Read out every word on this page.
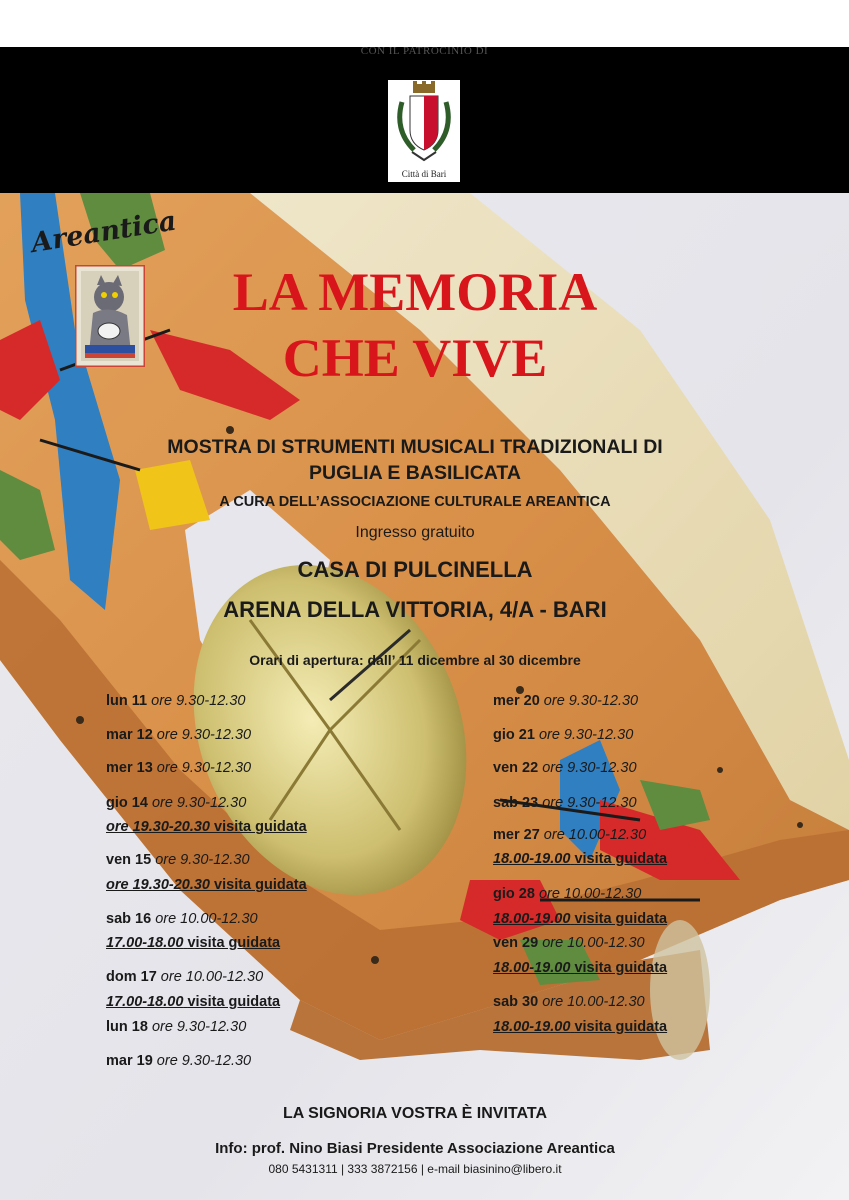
CON IL PATROCINIO DI
Città di Bari
Areantica
LA MEMORIA
CHE VIVE
MOSTRA DI STRUMENTI MUSICALI TRADIZIONALI DI
PUGLIA E BASILICATA
A CURA DELL’ASSOCIAZIONE CULTURALE AREANTICA
Ingresso gratuito
CASA DI PULCINELLA
ARENA DELLA VITTORIA, 4/A - BARI
Orari di apertura: dall’ 11 dicembre al 30 dicembre
lun 11 ore 9.30-12.30
mar 12 ore 9.30-12.30
mer 13 ore 9.30-12.30
gio 14 ore 9.30-12.30
ore 19.30-20.30 visita guidata
ven 15 ore 9.30-12.30
ore 19.30-20.30 visita guidata
sab 16 ore 10.00-12.30
17.00-18.00 visita guidata
dom 17 ore 10.00-12.30
17.00-18.00 visita guidata
lun 18 ore 9.30-12.30
mar 19 ore 9.30-12.30
mer 20 ore 9.30-12.30
gio 21 ore 9.30-12.30
ven 22 ore 9.30-12.30
sab 23 ore 9.30-12.30
mer 27 ore 10.00-12.30
18.00-19.00 visita guidata
gio 28 ore 10.00-12.30
18.00-19.00 visita guidata
ven 29 ore 10.00-12.30
18.00-19.00 visita guidata
sab 30 ore 10.00-12.30
18.00-19.00 visita guidata
LA SIGNORIA VOSTRA È INVITATA
Info: prof. Nino Biasi Presidente Associazione Areantica
080 5431311 | 333 3872156 | e-mail biasinino@libero.it
